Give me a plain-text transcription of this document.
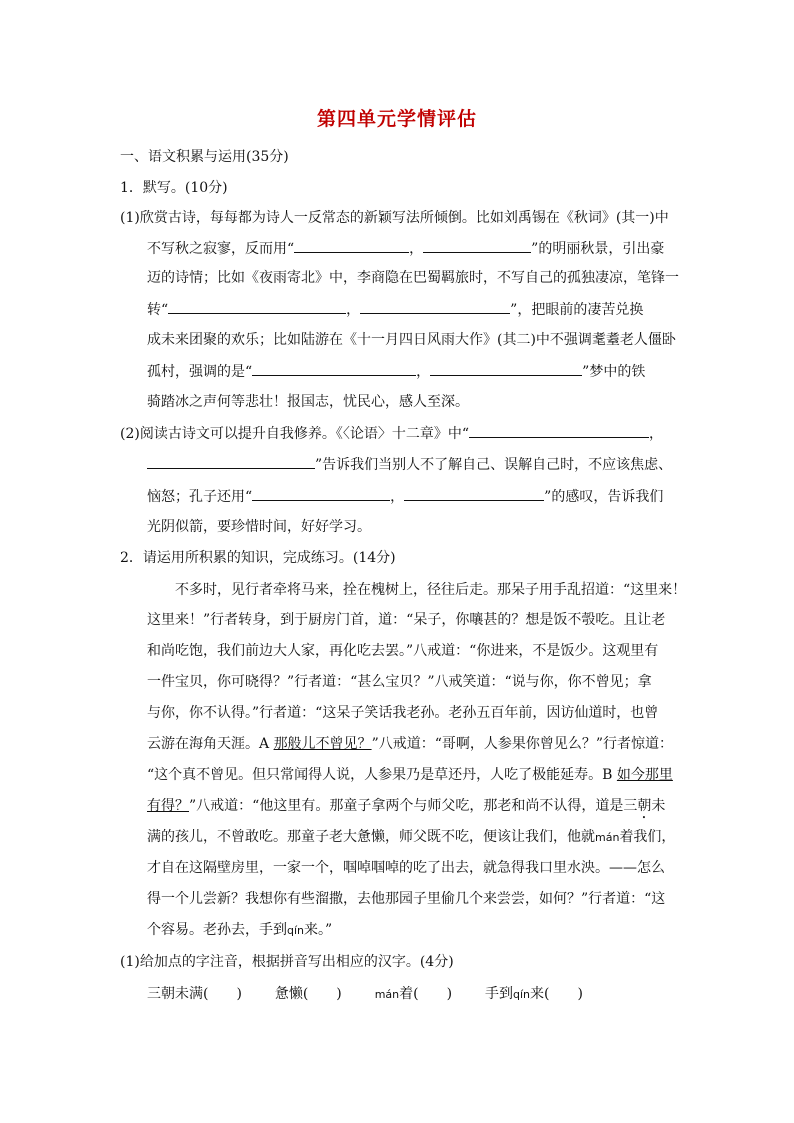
第四单元学情评估
一、语文积累与运用(35分)
1．默写。(10分)
(1)欣赏古诗，每每都为诗人一反常态的新颖写法所倾倒。比如刘禹锡在《秋词》(其一)中
不写秋之寂寥，反而用“	，	”的明丽秋景，引出豪
迈的诗情；比如《夜雨寄北》中，李商隐在巴蜀羁旅时，不写自己的孤独凄凉，笔锋一
转“	，	”，把眼前的凄苦兑换
成未来团聚的欢乐；比如陆游在《十一月四日风雨大作》(其二)中不强调耄耋老人僵卧
孤村，强调的是“	，	”梦中的铁
骑踏冰之声何等悲壮！报国志，忧民心，感人至深。
(2)阅读古诗文可以提升自我修养。《〈论语〉十二章》中“	，
”告诉我们当别人不了解自己、误解自己时，不应该焦虑、
恼怒；孔子还用“	，	”的感叹，告诉我们
光阴似箭，要珍惜时间，好好学习。
2．请运用所积累的知识，完成练习。(14分)
不多时，见行者牵将马来，拴在槐树上，径往后走。那呆子用手乱招道：“这里来！
这里来！”行者转身，到于厨房门首，道：“呆子，你嚷甚的？想是饭不彀吃。且让老
和尚吃饱，我们前边大人家，再化吃去罢。”八戒道：“你进来，不是饭少。这观里有
一件宝贝，你可晓得？”行者道：“甚么宝贝？”八戒笑道：“说与你，你不曾见；拿
与你，你不认得。”行者道：“这呆子笑话我老孙。老孙五百年前，因访仙道时，也曾
云游在海角天涯。A 那般儿不曾见？”八戒道：“哥啊，人参果你曾见么？”行者惊道：
“这个真不曾见。但只常闻得人说，人参果乃是草还丹，人吃了极能延寿。B 如今那里
有得？”八戒道：“他这里有。那童子拿两个与师父吃，那老和尚不认得，道是三朝未
满的孩儿，不曾敢吃。那童子老大惫懒，师父既不吃，便该让我们，他就mán着我们，
才自在这隔壁房里，一家一个，啯啅啯啅的吃了出去，就急得我口里水泱。——怎么
得一个儿尝新？我想你有些溜撒，去他那园子里偷几个来尝尝，如何？”行者道：“这
个容易。老孙去，手到qín来。”
(1)给加点的字注音，根据拼音写出相应的汉字。(4分)
三朝未满(　　) 惫懒(　　)	mán着(　　) 手到qín来(　　)
